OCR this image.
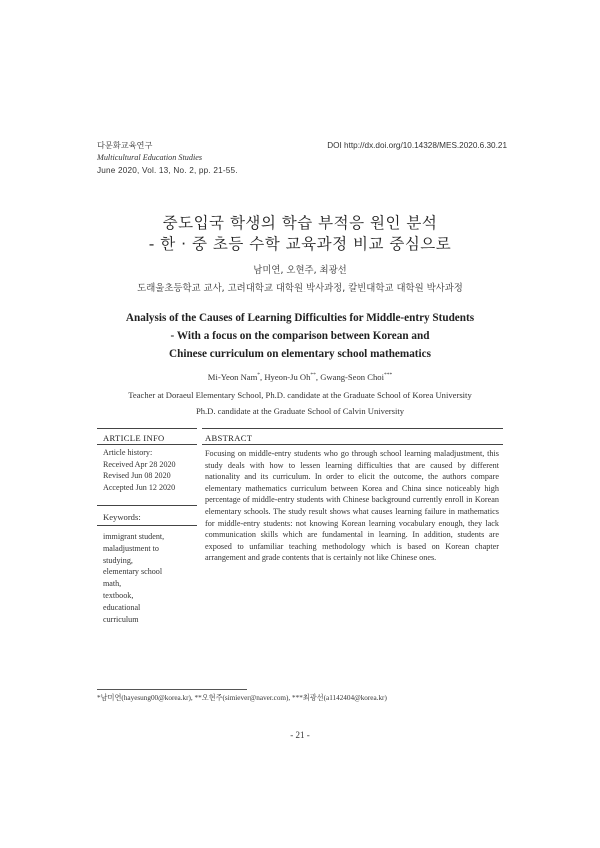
다문화교육연구	DOI http://dx.doi.org/10.14328/MES.2020.6.30.21
Multicultural Education Studies
June 2020, Vol. 13, No. 2, pp. 21-55.
중도입국 학생의 학습 부적응 원인 분석
- 한 · 중 초등 수학 교육과정 비교 중심으로
남미연, 오현주, 최광선
도래울초등학교 교사, 고려대학교 대학원 박사과정, 칼빈대학교 대학원 박사과정
Analysis of the Causes of Learning Difficulties for Middle-entry Students
- With a focus on the comparison between Korean and
Chinese curriculum on elementary school mathematics
Mi-Yeon Nam*, Hyeon-Ju Oh**, Gwang-Seon Choi***
Teacher at Doraeul Elementary School, Ph.D. candidate at the Graduate School of Korea University
Ph.D. candidate at the Graduate School of Calvin University
ARTICLE INFO	ABSTRACT
Article history:
Received Apr 28 2020
Revised Jun 08 2020
Accepted Jun 12 2020
Keywords:
immigrant student,
maladjustment to
studying,
elementary school
math,
textbook,
educational
curriculum
Focusing on middle-entry students who go through school learning maladjustment, this study deals with how to lessen learning difficulties that are caused by different nationality and its curriculum. In order to elicit the outcome, the authors compare elementary mathematics curriculum between Korea and China since noticeably high percentage of middle-entry students with Chinese background currently enroll in Korean elementary schools. The study result shows what causes learning failure in mathematics for middle-entry students: not knowing Korean learning vocabulary enough, they lack communication skills which are fundamental in learning. In addition, students are exposed to unfamiliar teaching methodology which is based on Korean chapter arrangement and grade contents that is certainly not like Chinese ones.
*남미연(hayesung00@korea.kr), **오현주(simiever@naver.com), ***최광선(a1142404@korea.kr)
- 21 -
